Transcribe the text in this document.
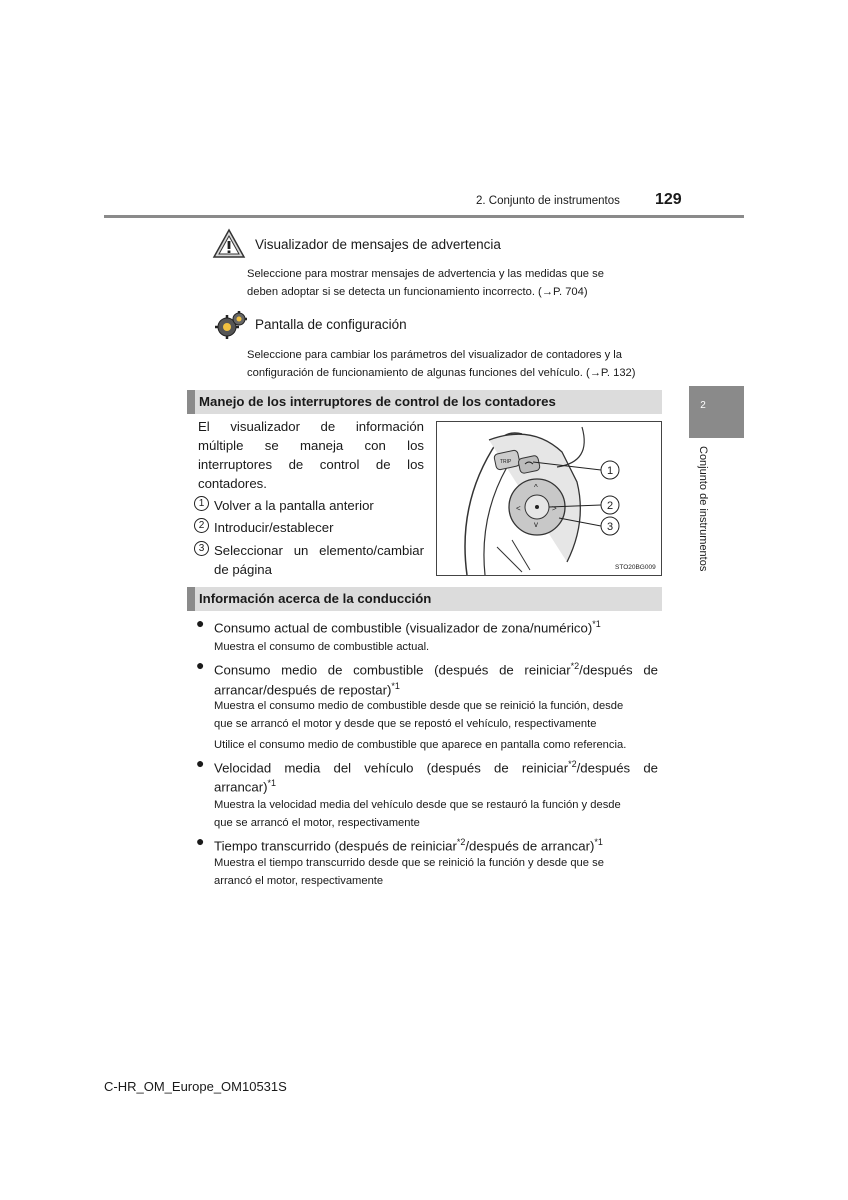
2. Conjunto de instrumentos 129
2
Conjunto de instrumentos
Visualizador de mensajes de advertencia
Seleccione para mostrar mensajes de advertencia y las medidas que se
deben adoptar si se detecta un funcionamiento incorrecto. (→P. 704)
Pantalla de configuración
Seleccione para cambiar los parámetros del visualizador de contadores y la
configuración de funcionamiento de algunas funciones del vehículo. (→P. 132)
Manejo de los interruptores de control de los contadores
El visualizador de información
múltiple se maneja con los
interruptores de control de los
contadores.
1 Volver a la pantalla anterior
2 Introducir/establecer
3 Seleccionar un elemento/cambiar
de página
TRIP
^
<	>
v
1
2
3
STO20BG009
Información acerca de la conducción
● Consumo actual de combustible (visualizador de zona/numérico)$^{*1}$
Muestra el consumo de combustible actual.
● Consumo medio de combustible (después de reiniciar$^{*2}$/después de
arrancar/después de repostar)$^{*1}$
Muestra el consumo medio de combustible desde que se reinició la función, desde
que se arrancó el motor y desde que se repostó el vehículo, respectivamente
Utilice el consumo medio de combustible que aparece en pantalla como referencia.
● Velocidad media del vehículo (después de reiniciar$^{*2}$/después de
arrancar)$^{*1}$
Muestra la velocidad media del vehículo desde que se restauró la función y desde
que se arrancó el motor, respectivamente
● Tiempo transcurrido (después de reiniciar$^{*2}$/después de arrancar)$^{*1}$
Muestra el tiempo transcurrido desde que se reinició la función y desde que se
arrancó el motor, respectivamente
C-HR_OM_Europe_OM10531S
